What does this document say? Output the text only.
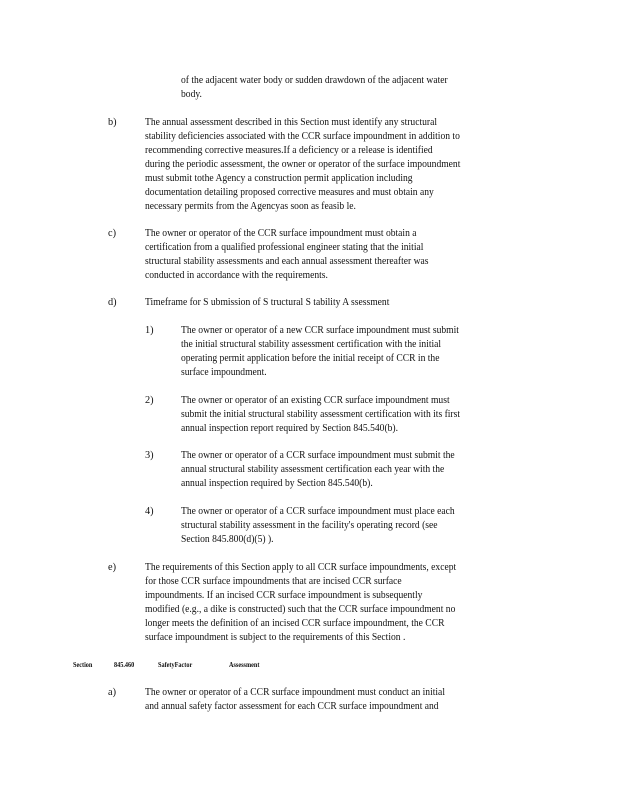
of the adjacent water body or sudden drawdown of the adjacent water
body.
b)	The annual assessment described in this Section must identify any structural
stability deficiencies associated with the CCR surface impoundment in addition to
recommending corrective measures.If a deficiency or a release is identified
during the periodic assessment, the owner or operator of the surface impoundment
must submit tothe Agency a construction permit application including
documentation detailing proposed corrective measures and must obtain any
necessary permits from the Agencyas soon as feasib le.
c)	The owner or operator of the CCR surface impoundment must obtain a
certification from a qualified professional engineer stating that the initial
structural stability assessments and each annual assessment thereafter was
conducted in accordance with the requirements.
d)	Timeframe for S ubmission of S tructural S tability A ssessment
1)	The owner or operator of a new CCR surface impoundment must submit
the initial structural stability assessment certification with the initial
operating permit application before the initial receipt of CCR in the
surface impoundment.
2)	The owner or operator of an existing CCR surface impoundment must
submit the initial structural stability assessment certification with its first
annual inspection report required by Section 845.540(b).
3)	The owner or operator of a CCR surface impoundment must submit the
annual structural stability assessment certification each year with the
annual inspection required by Section 845.540(b).
4)	The owner or operator of a CCR surface impoundment must place each
structural stability assessment in the facility's operating record (see
Section 845.800(d)(5) ).
e)	The requirements of this Section apply to all CCR surface impoundments, except
for those CCR surface impoundments that are incised CCR surface
impoundments. If an incised CCR surface impoundment is subsequently
modified (e.g., a dike is constructed) such that the CCR surface impoundment no
longer meets the definition of an incised CCR surface impoundment, the CCR
surface impoundment is subject to the requirements of this Section .
Section	845.460	SafetyFactor	Assessment
a)	The owner or operator of a CCR surface impoundment must conduct an initial
and annual safety factor assessment for each CCR surface impoundment and
